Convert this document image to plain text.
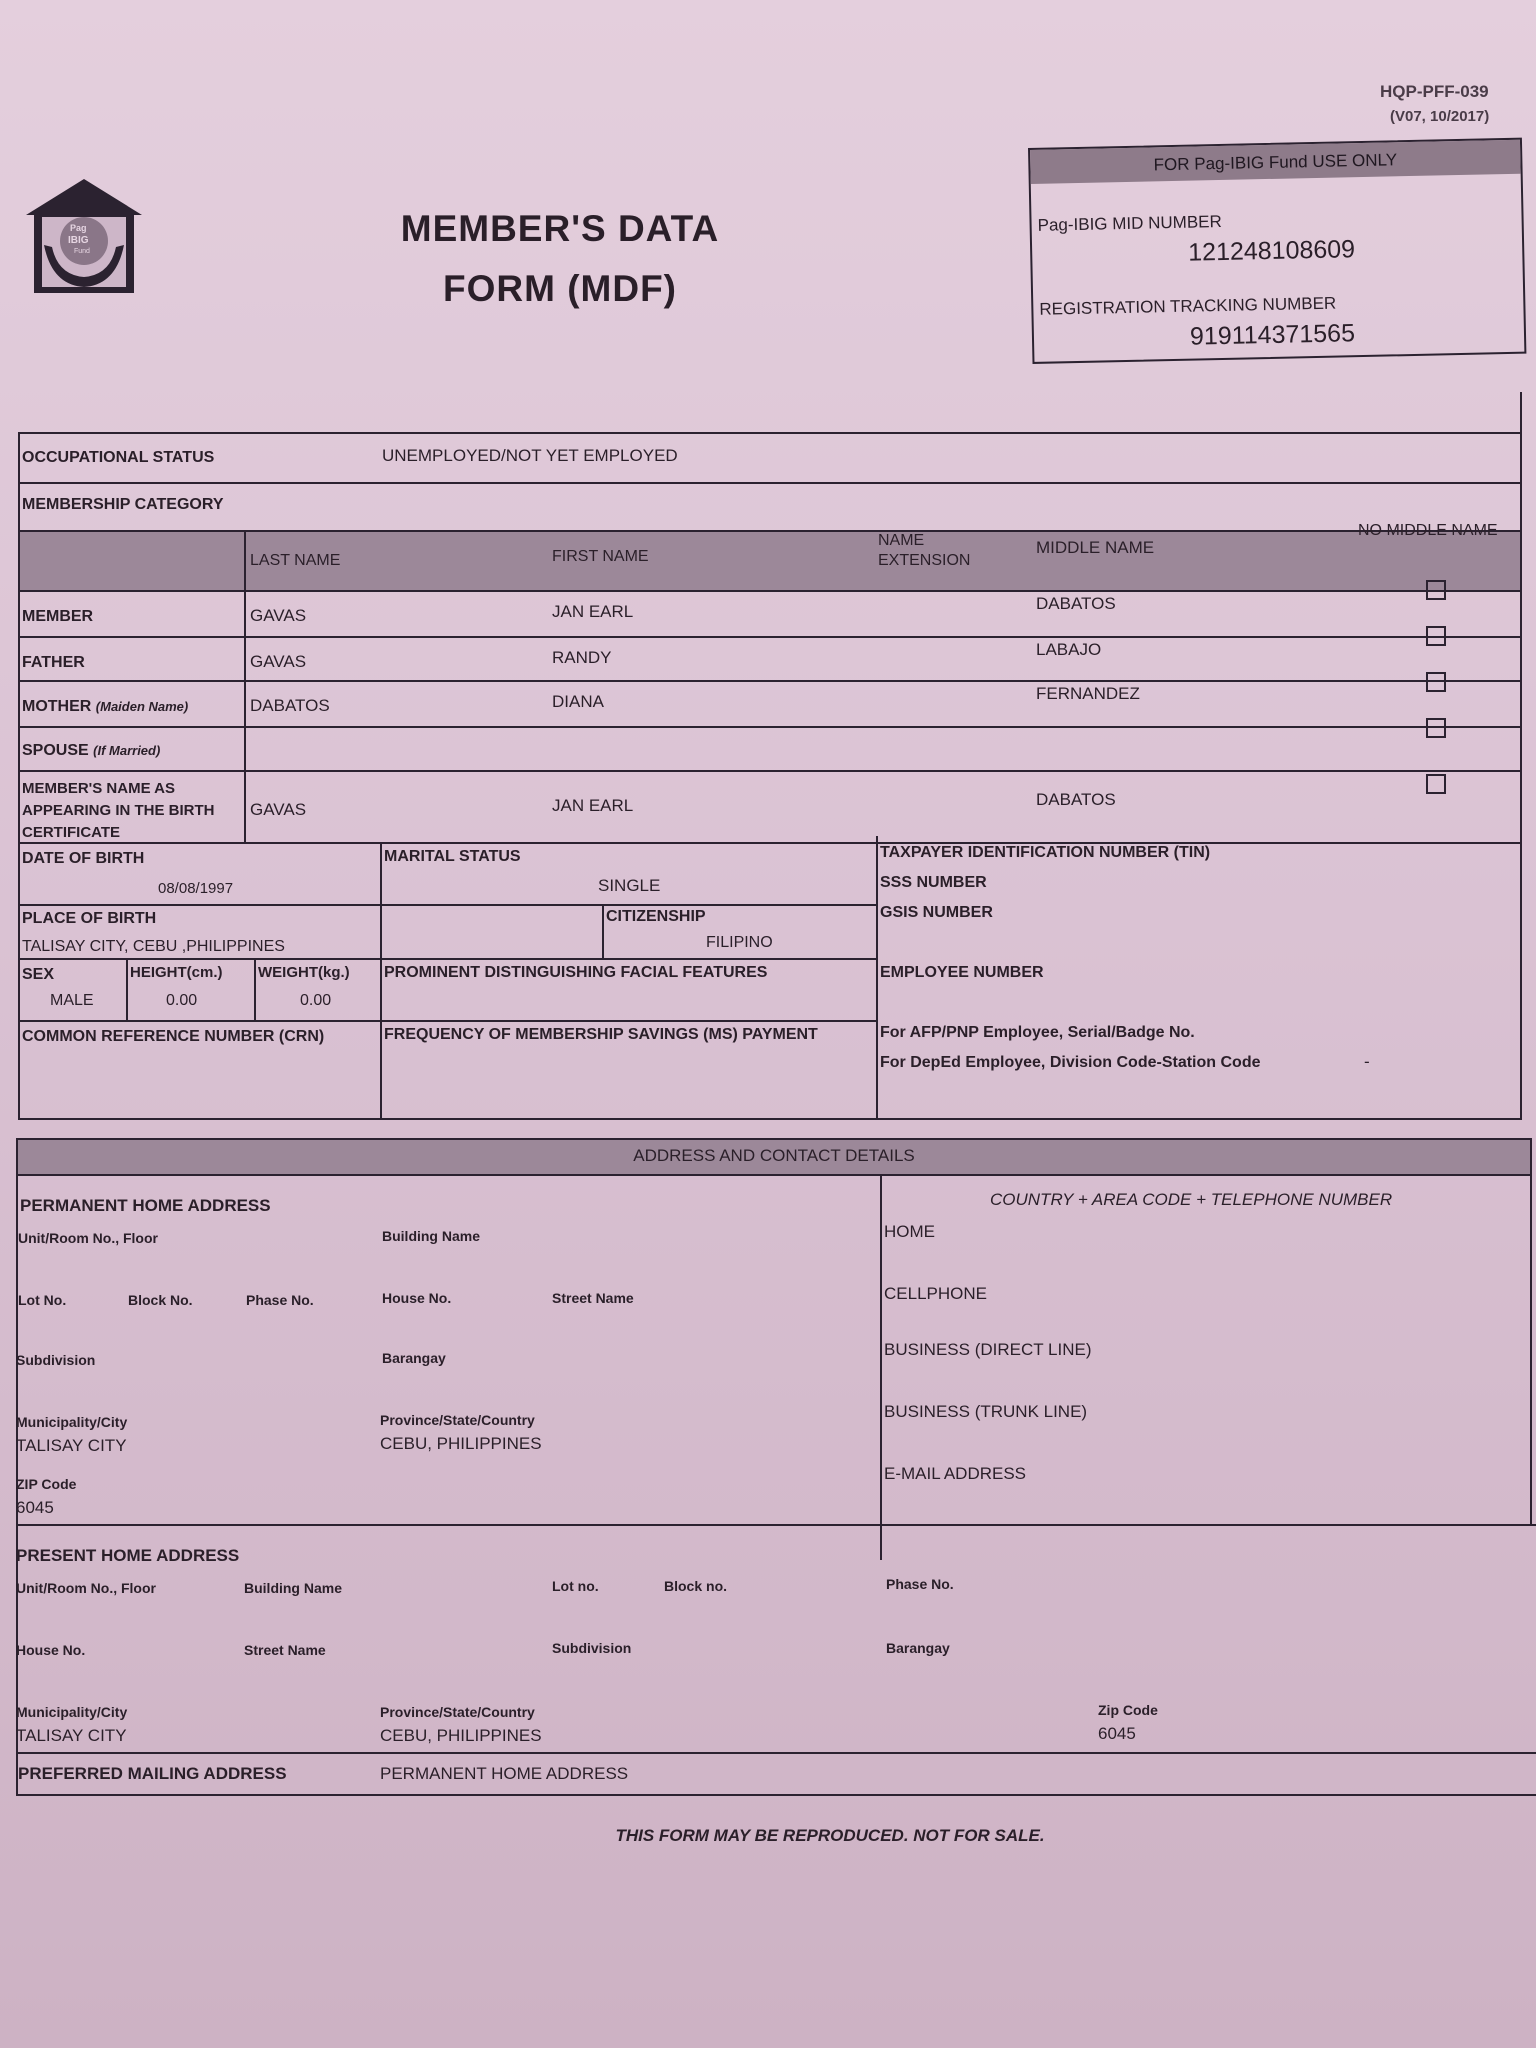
HQP-PFF-039
(V07, 10/2017)
Pag
IBIG
Fund
MEMBER'S DATA
FORM (MDF)
FOR Pag-IBIG Fund USE ONLY
Pag-IBIG MID NUMBER
121248108609
REGISTRATION TRACKING NUMBER
919114371565
OCCUPATIONAL STATUS	UNEMPLOYED/NOT YET EMPLOYED
MEMBERSHIP CATEGORY
LAST NAME	FIRST NAME
NAME
EXTENSION
MIDDLE NAME
NO MIDDLE NAME
MEMBER	GAVAS	JAN EARL	DABATOS
FATHER	GAVAS	RANDY	LABAJO
MOTHER (Maiden Name)	DABATOS	DIANA	FERNANDEZ
SPOUSE (If Married)
MEMBER'S NAME AS
APPEARING IN THE BIRTH
CERTIFICATE
GAVAS	JAN EARL	DABATOS
DATE OF BIRTH
08/08/1997
MARITAL STATUS
SINGLE
PLACE OF BIRTH
TALISAY CITY, CEBU ,PHILIPPINES
CITIZENSHIP
FILIPINO
SEX
MALE
HEIGHT(cm.)
0.00
WEIGHT(kg.)
0.00
PROMINENT DISTINGUISHING FACIAL FEATURES
COMMON REFERENCE NUMBER (CRN)	FREQUENCY OF MEMBERSHIP SAVINGS (MS) PAYMENT
TAXPAYER IDENTIFICATION NUMBER (TIN)
SSS NUMBER
GSIS NUMBER
EMPLOYEE NUMBER
For AFP/PNP Employee, Serial/Badge No.
For DepEd Employee, Division Code-Station Code	-
ADDRESS AND CONTACT DETAILS
PERMANENT HOME ADDRESS
Unit/Room No., Floor	Building Name
Lot No.	Block No.	Phase No.	House No.	Street Name
Subdivision	Barangay
Municipality/City
TALISAY CITY
Province/State/Country
CEBU, PHILIPPINES
ZIP Code
6045
COUNTRY + AREA CODE + TELEPHONE NUMBER
HOME
CELLPHONE
BUSINESS (DIRECT LINE)
BUSINESS (TRUNK LINE)
E-MAIL ADDRESS
PRESENT HOME ADDRESS
Unit/Room No., Floor	Building Name	Lot no.	Block no.	Phase No.
House No.	Street Name	Subdivision	Barangay
Municipality/City
TALISAY CITY
Province/State/Country
CEBU, PHILIPPINES
Zip Code
6045
PREFERRED MAILING ADDRESS	PERMANENT HOME ADDRESS
THIS FORM MAY BE REPRODUCED. NOT FOR SALE.
